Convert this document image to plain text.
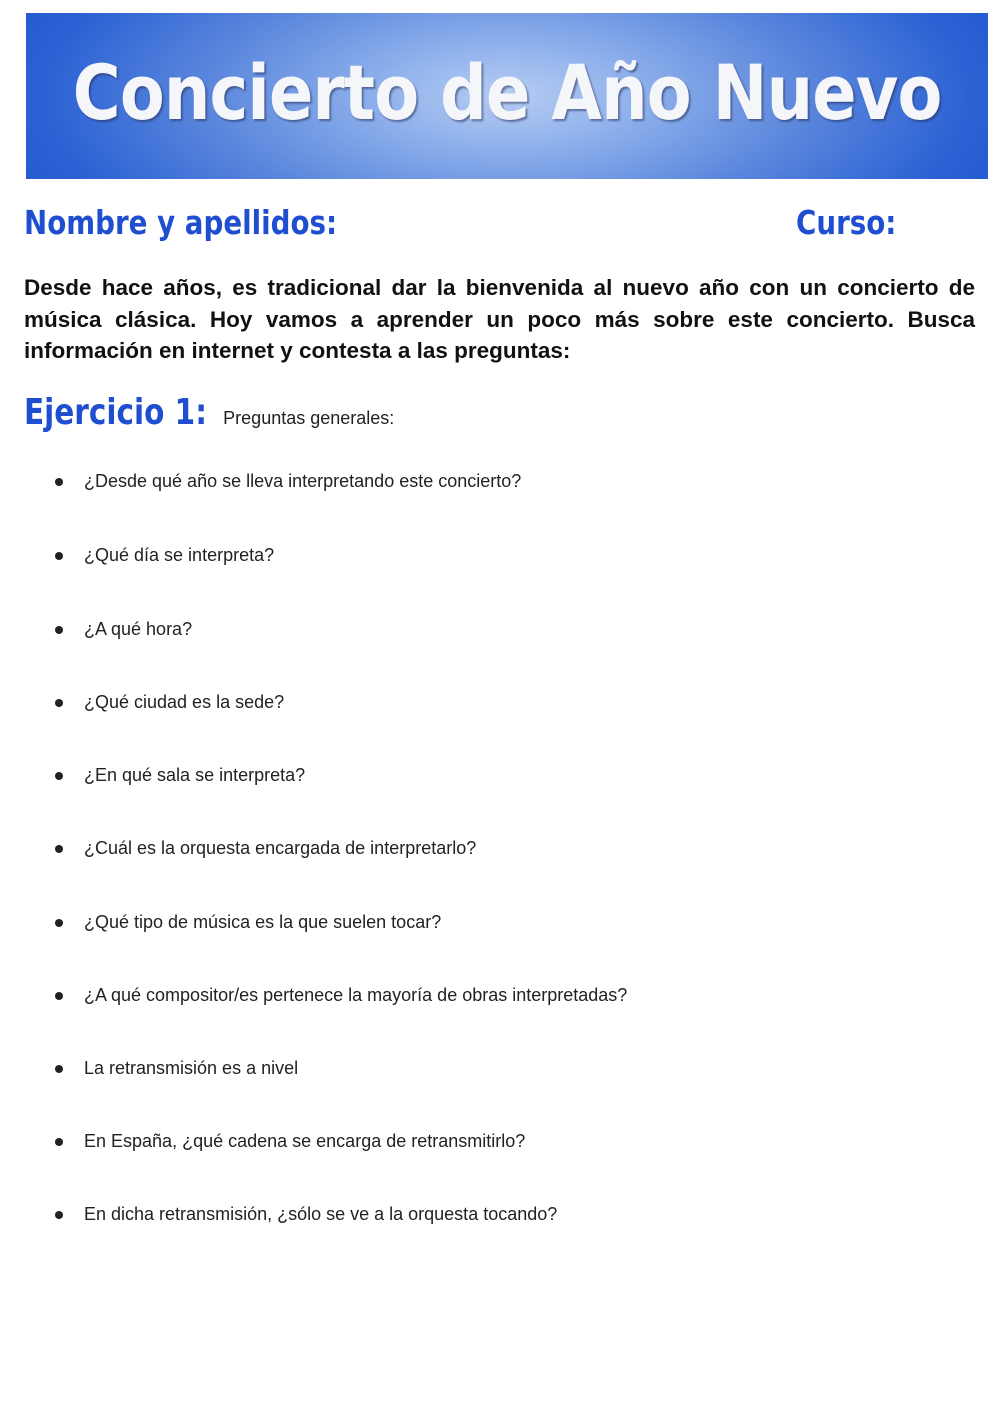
Concierto de Año Nuevo
Nombre y apellidos:	Curso:

Desde hace años, es tradicional dar la bienvenida al nuevo año con un concierto de música clásica. Hoy vamos a aprender un poco más sobre este concierto. Busca información en internet y contesta a las preguntas:

Ejercicio 1: Preguntas generales:
¿Desde qué año se lleva interpretando este concierto?
¿Qué día se interpreta?
¿A qué hora?
¿Qué ciudad es la sede?
¿En qué sala se interpreta?
¿Cuál es la orquesta encargada de interpretarlo?
¿Qué tipo de música es la que suelen tocar?
¿A qué compositor/es pertenece la mayoría de obras interpretadas?
La retransmisión es a nivel
En España, ¿qué cadena se encarga de retransmitirlo?
En dicha retransmisión, ¿sólo se ve a la orquesta tocando?
